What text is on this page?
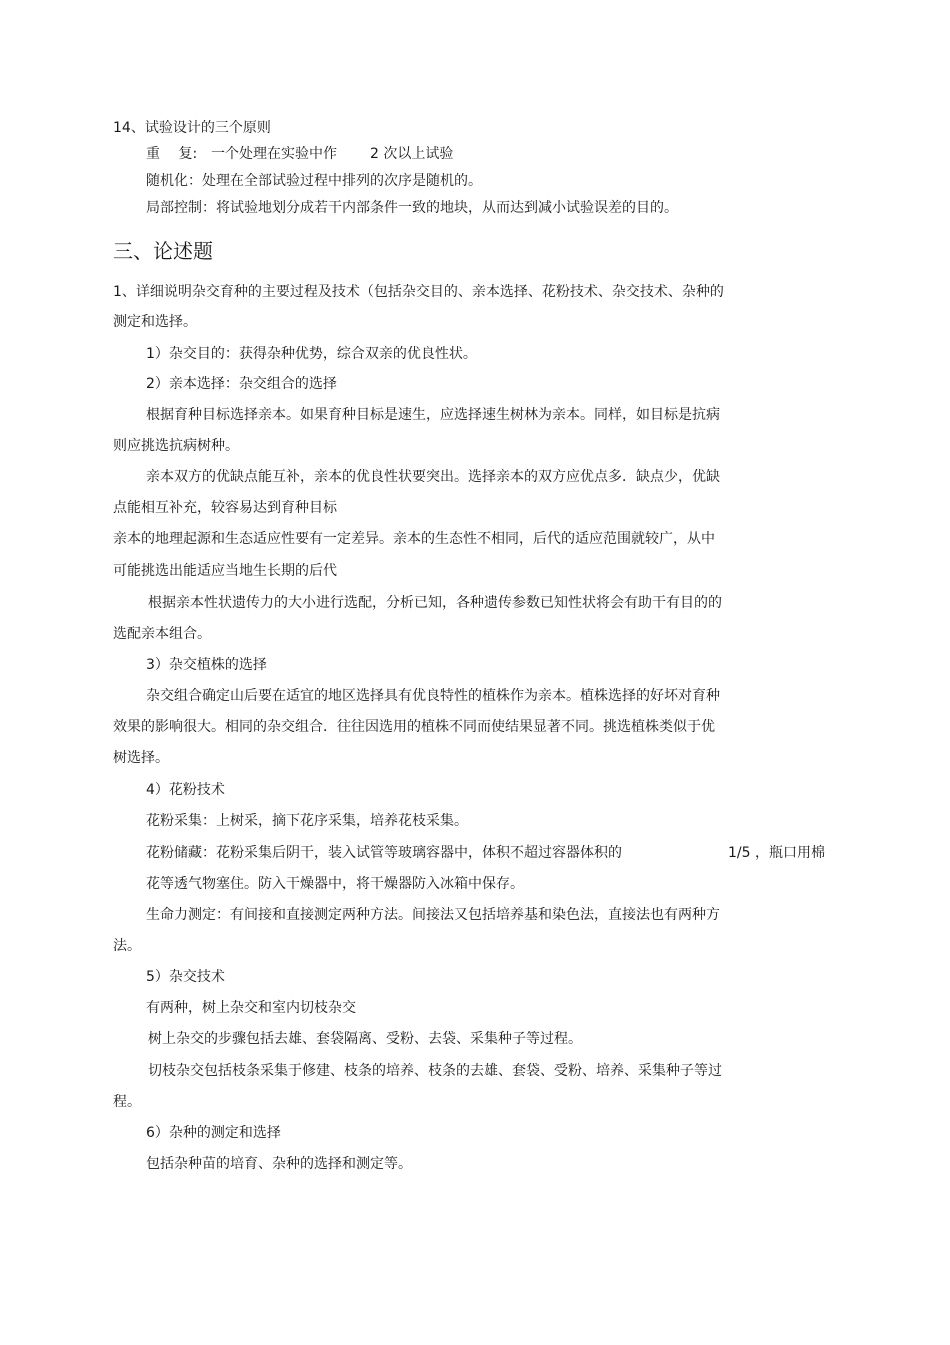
14、试验设计的三个原则
重　 复: 一个处理在实验中作 2 次以上试验
随机化：处理在全部试验过程中排列的次序是随机的。
局部控制：将试验地划分成若干内部条件一致的地块，从而达到减小试验误差的目的。
三、论述题
1、详细说明杂交育种的主要过程及技术（包括杂交目的、亲本选择、花粉技术、杂交技术、杂种的
测定和选择。
1）杂交目的：获得杂种优势，综合双亲的优良性状。
2）亲本选择：杂交组合的选择
根据育种目标选择亲本。如果育种目标是速生，应选择速生树林为亲本。同样，如目标是抗病
则应挑选抗病树种。
亲本双方的优缺点能互补，亲本的优良性状要突出。选择亲本的双方应优点多．缺点少，优缺
点能相互补充，较容易达到育种目标
亲本的地理起源和生态适应性要有一定差异。亲本的生态性不相同，后代的适应范围就较广，从中
可能挑选出能适应当地生长期的后代
根据亲本性状遗传力的大小进行选配，分析已知，各种遗传参数已知性状将会有助干有目的的
选配亲本组合。
3）杂交植株的选择
杂交组合确定山后要在适宜的地区选择具有优良特性的植株作为亲本。植株选择的好坏对育种
效果的影响很大。相同的杂交组合．往往因选用的植株不同而使结果显著不同。挑选植株类似于优
树选择。
4）花粉技术
花粉采集：上树采，摘下花序采集，培养花枝采集。
花粉储藏：花粉采集后阴干，装入试管等玻璃容器中，体积不超过容器体积的	1/5 ，瓶口用棉
花等透气物塞住。防入干燥器中，将干燥器防入冰箱中保存。
生命力测定：有间接和直接测定两种方法。间接法又包括培养基和染色法，直接法也有两种方
法。
5）杂交技术
有两种，树上杂交和室内切枝杂交
树上杂交的步骤包括去雄、套袋隔离、受粉、去袋、采集种子等过程。
切枝杂交包括枝条采集于修建、枝条的培养、枝条的去雄、套袋、受粉、培养、采集种子等过
程。
6）杂种的测定和选择
包括杂种苗的培育、杂种的选择和测定等。
